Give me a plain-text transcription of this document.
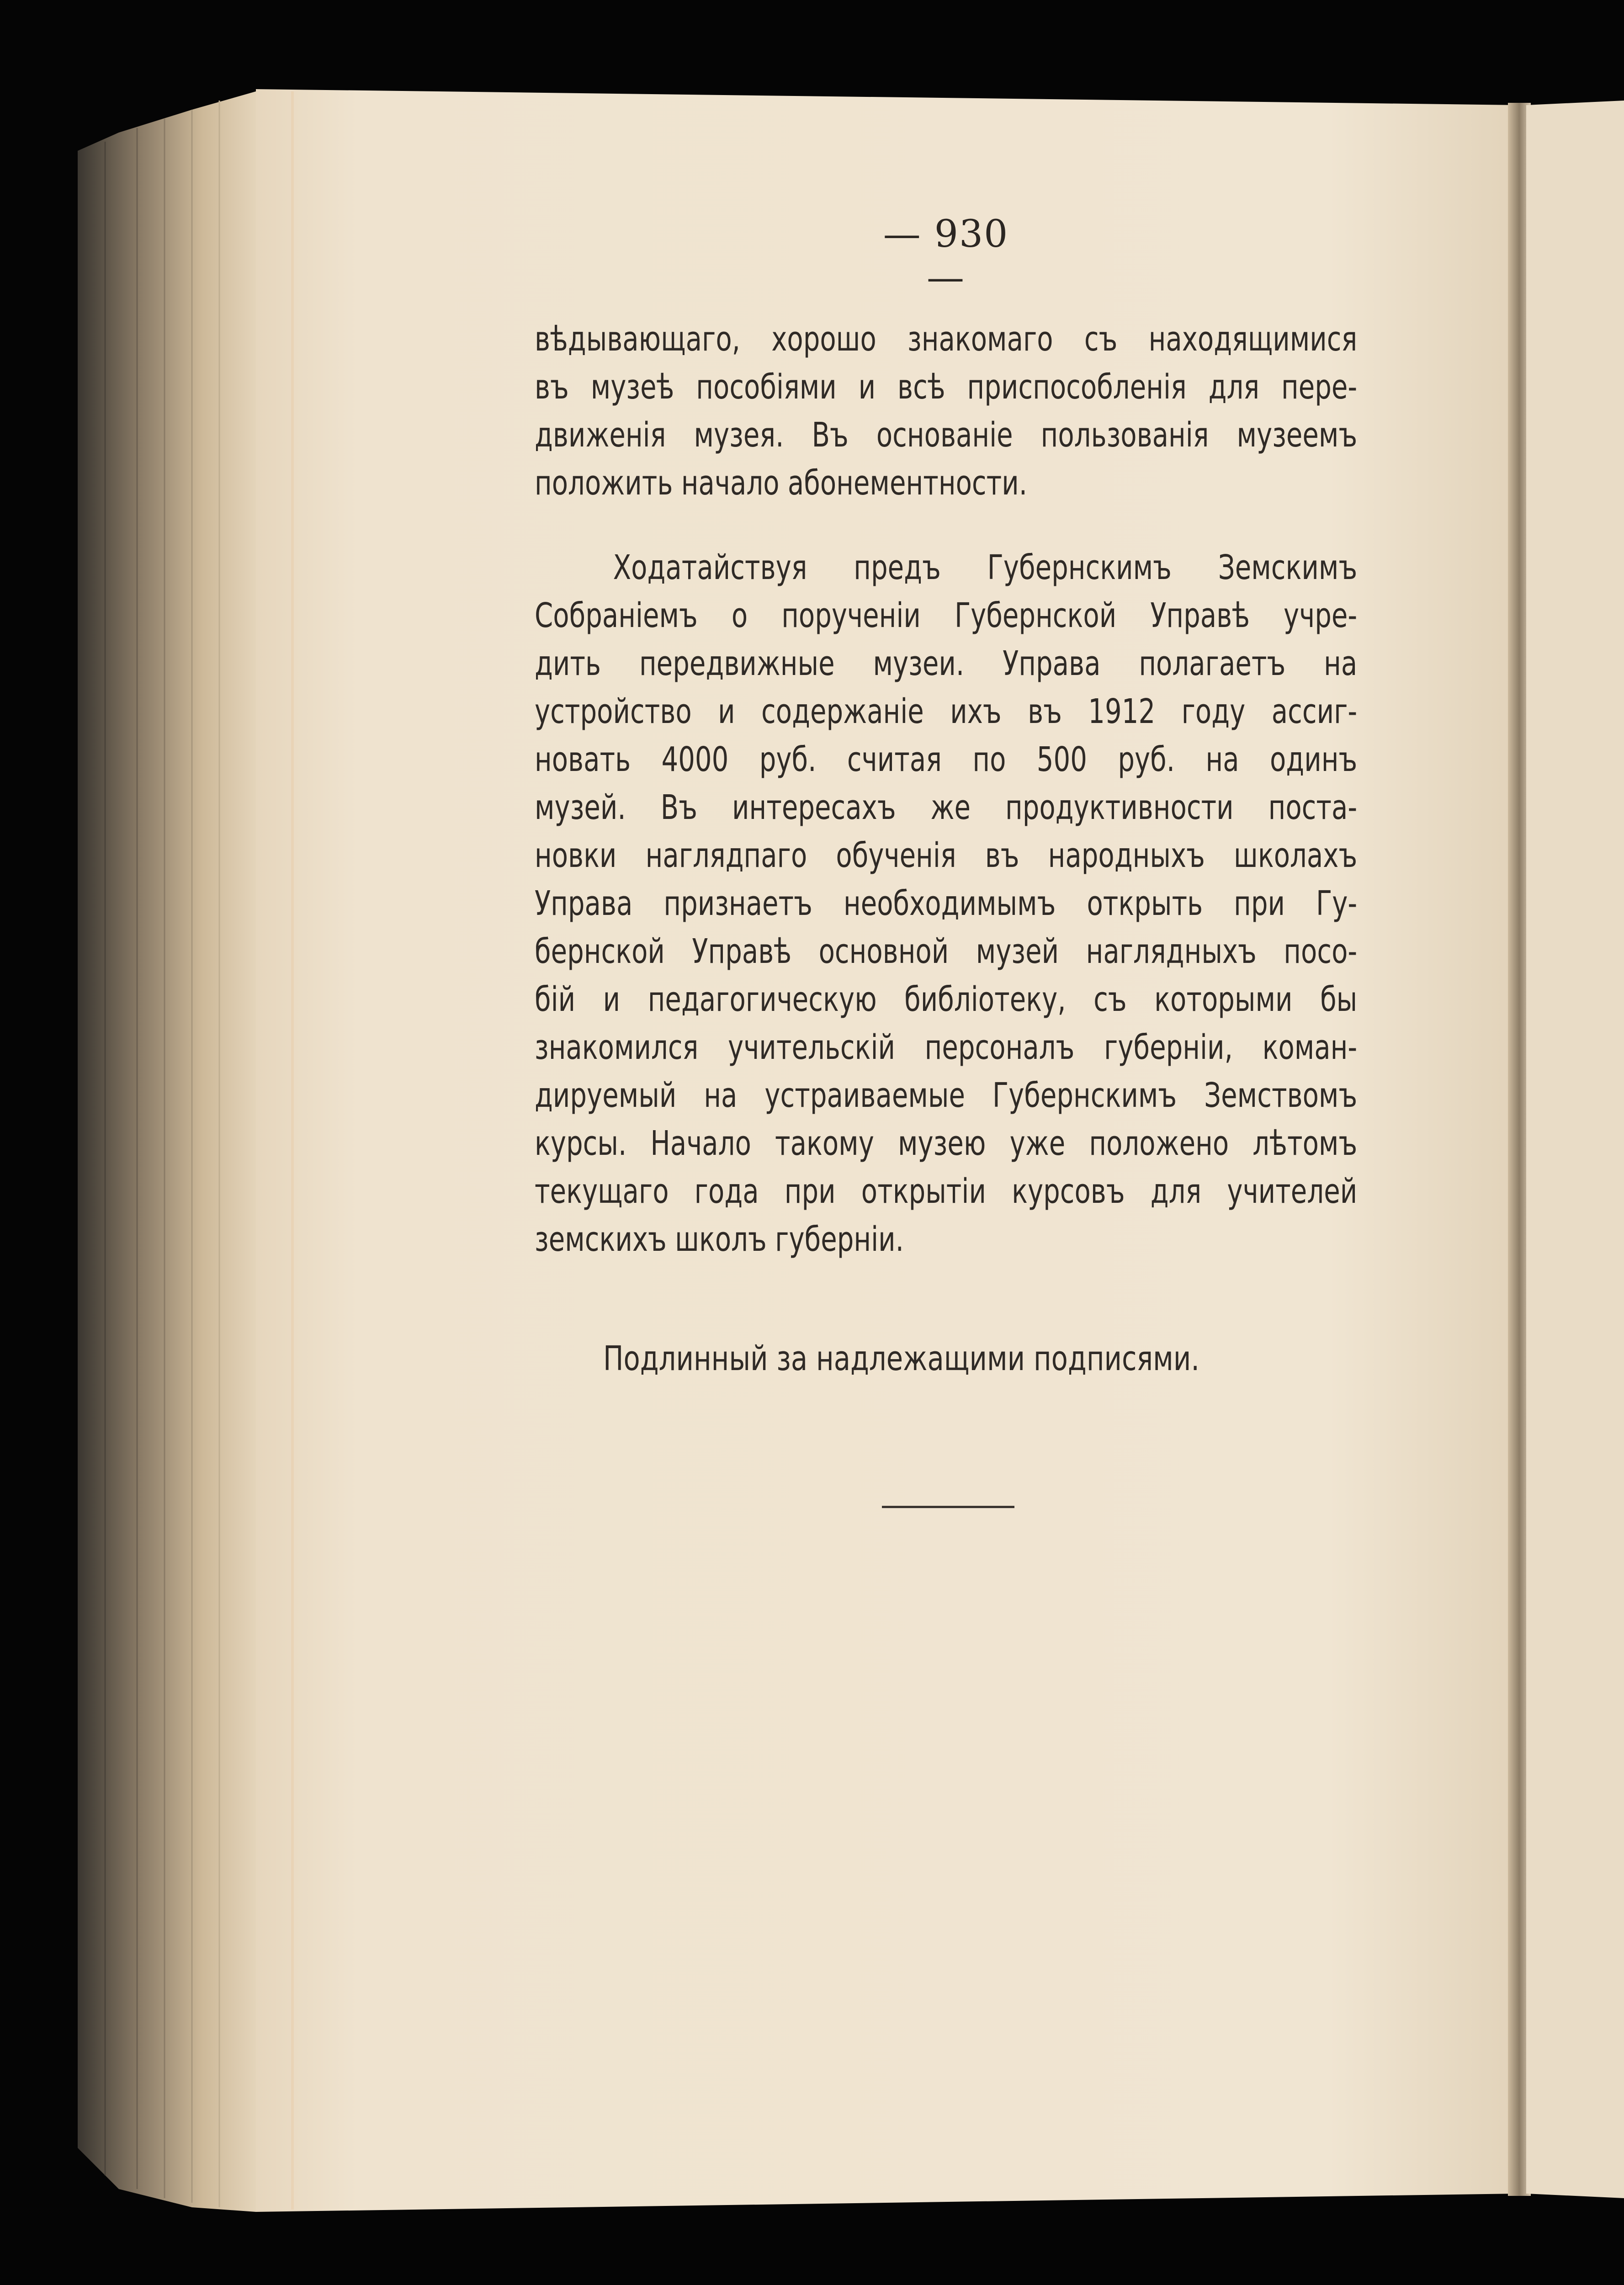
— 930 —
вѣдывающаго, хорошо знакомаго съ находящимися
въ музеѣ пособіями и всѣ приспособленія для пере-
движенія музея. Въ основаніе пользованія музеемъ
положить начало абонементности.
Ходатайствуя предъ Губернскимъ Земскимъ
Собраніемъ о порученіи Губернской Управѣ учре-
дить передвижные музеи. Управа полагаетъ на
устройство и содержаніе ихъ въ 1912 году ассиг-
новать 4000 руб. считая по 500 руб. на одинъ
музей. Въ интересахъ же продуктивности поста-
новки наглядпаго обученія въ народныхъ школахъ
Управа признаетъ необходимымъ открыть при Гу-
бернской Управѣ основной музей наглядныхъ посо-
бій и педагогическую библіотеку, съ которыми бы
знакомился учительскій персоналъ губерніи, коман-
дируемый на устраиваемые Губернскимъ Земствомъ
курсы. Начало такому музею уже положено лѣтомъ
текущаго года при открытіи курсовъ для учителей
земскихъ школъ губерніи.
Подлинный за надлежащими подписями.
